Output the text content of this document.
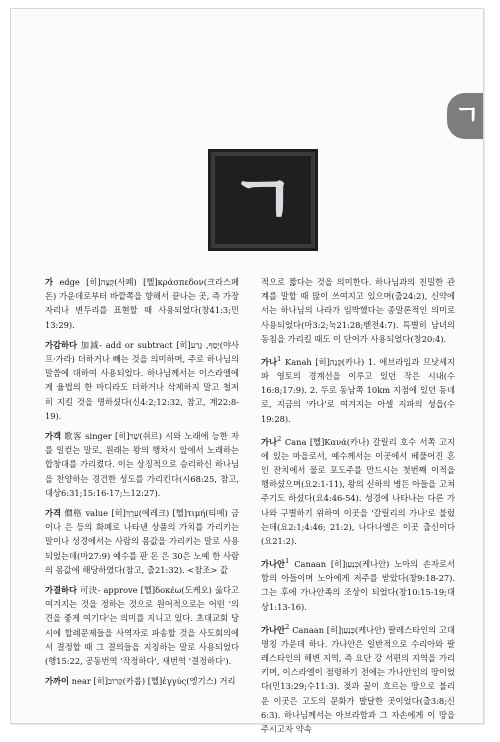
ㄱ
ㄱ

가 edge [히]קָצֶה(사폐) [헬]κράσπεδον(크라스페돈) 가운데로부터 바깥쪽을 향해서 끝나는 곳, 즉 가장자리나 변두리를 표현할 때 사용되었다(창41:3;민13:29).

가감하다 加減- add or subtract [히]יָסַף, גָּרַע(야사프·가라) 더하거나 빼는 것을 의미하며, 주로 하나님의 말씀에 대하여 사용되었다. 하나님께서는 이스라엘에게 율법의 한 마디라도 더하거나 삭제하지 말고 철저히 지킬 것을 명하셨다(신4:2;12:32, 참고, 계22:8-19).

가객 歌客 singer [히]שָׁר(쉬르) 시와 노래에 능한 자를 일컫는 말로, 원래는 왕의 행차시 앞에서 노래하는 합창대를 가리켰다. 이는 상징적으로 승리하신 하나님을 찬양하는 경건한 성도를 가리킨다(시68:25, 참고, 대상6:31;15:16-17;느12:27).

가격 價格 value [히]עֵרֶךְ(에레크) [헬]τιμή(티메) 금이나 은 등의 화폐로 나타낸 상품의 가치를 가리키는 말이나 성경에서는 사람의 몸값을 가리키는 말로 사용되었는데(마27:9) 예수를 판 돈 은 30은 노예 한 사람의 몸값에 해당하였다(참고, 출21:32). <참조> 값

가결하다 可決- approve [헬]δοκέω(도케오) 옳다고 여겨지는 것을 정하는 것으로 원어적으로는 어떤 '의견을 좋게 여기다'는 의미를 지니고 있다. 초대교회 당시에 할례문제들을 사역자로 파송할 것을 사도회의에서 결정할 때 그 결의들을 지칭하는 말로 사용되었다(행15:22, 공동번역 '작정하다', 새번역 '결정하다').

가까이 near [히]קָרוֹב(카롭) [헬]ἐγγύς(엥기스) 거리

적으로 짧다는 것을 의미한다. 하나님과의 친밀한 관계를 말할 때 많이 쓰여지고 있으며(출24:2), 신약에서는 하나님의 나라가 임박했다는 종말론적인 의미로 사용되었다(마3:2;눅21:28;벧전4:7). 특별히 남녀의 동침을 가리킬 때도 이 단어가 사용되었다(창20:4).

가나$^1$ Kanah [히]קָנָה(카나) 1. 에브라임과 므낫세지파 영토의 경계선을 이루고 있던 작은 시내(수16:8;17:9). 2. 두로 동남쪽 10km 지점에 있던 동네로, 지금의 '카나'로 여겨지는 아셀 지파의 성읍(수19:28).

가나$^2$ Cana [헬]Κανά(카나) 갈릴리 호수 서쪽 고지에 있는 마을로서, 예수께서는 이곳에서 베풀어진 혼인 잔치에서 물로 포도주를 만드시는 첫번째 이적을 행하셨으며(요2:1-11), 왕의 신하의 병든 아들을 고쳐주기도 하셨다(요4:46-54). 성경에 나타나는 다른 가나와 구별하기 위하여 이곳을 '갈릴리의 가나'로 불렀는데(요2:1;4:46; 21:2), 나다나엘은 이곳 출신이다(요21:2).

가나안$^1$ Canaan [히]כְּנַעַן(케나안) 노아의 손자로서 함의 아들이며 노아에게 저주를 받았다(창9:18-27). 그는 후에 가나안족의 조상이 되었다(창10:15-19;대상1:13-16).

가나안$^2$ Canaan [히]כְּנַעַן(케나안) 팔레스타인의 고대 명칭 가운데 하나. 가나안은 일반적으로 수리아와 팔레스타인의 해변 지역, 즉 요단 강 서편의 지역을 가리키며, 이스라엘이 점령하기 전에는 가나안인의 땅이었다(민13:29;수11:3). 젖과 꿀이 흐르는 땅으로 불리운 이곳은 고도의 문화가 발달한 곳이었다(출3:8;신6:3). 하나님께서는 아브라함과 그 자손에게 이 땅을 주시고자 약속
